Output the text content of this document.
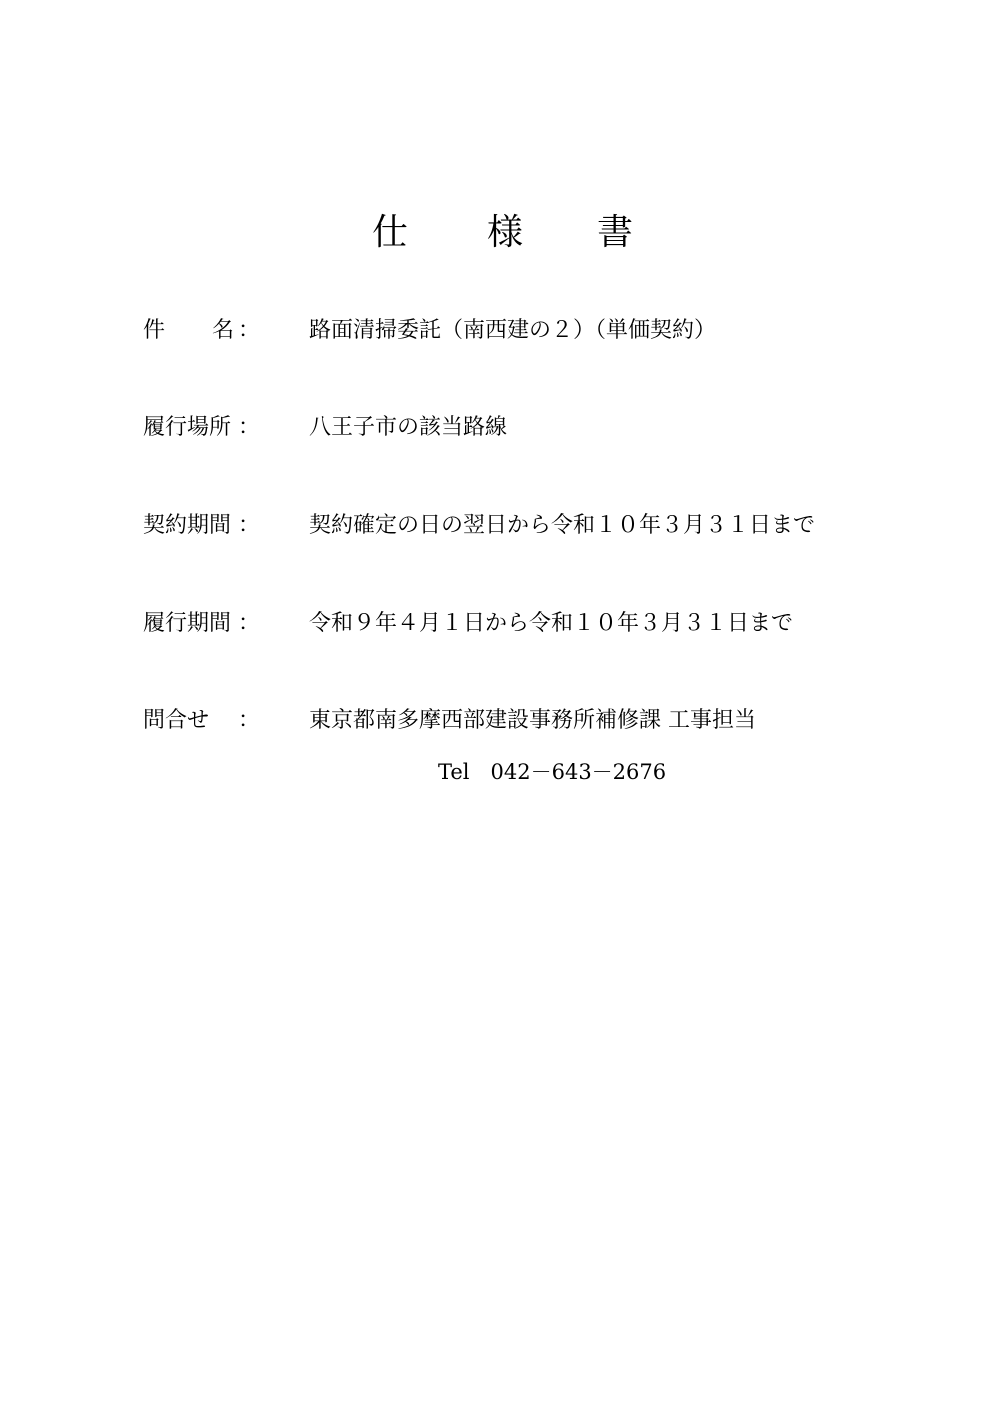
仕 様 書
件 名 ： 路面清掃委託（南西建の２）（単価契約）
履行場所 ： 八王子市の該当路線
契約期間 ： 契約確定の日の翌日から令和１０年３月３１日まで
履行期間 ： 令和９年４月１日から令和１０年３月３１日まで
問合せ ： 東京都南多摩西部建設事務所補修課 工事担当
Tel　042－643－2676
